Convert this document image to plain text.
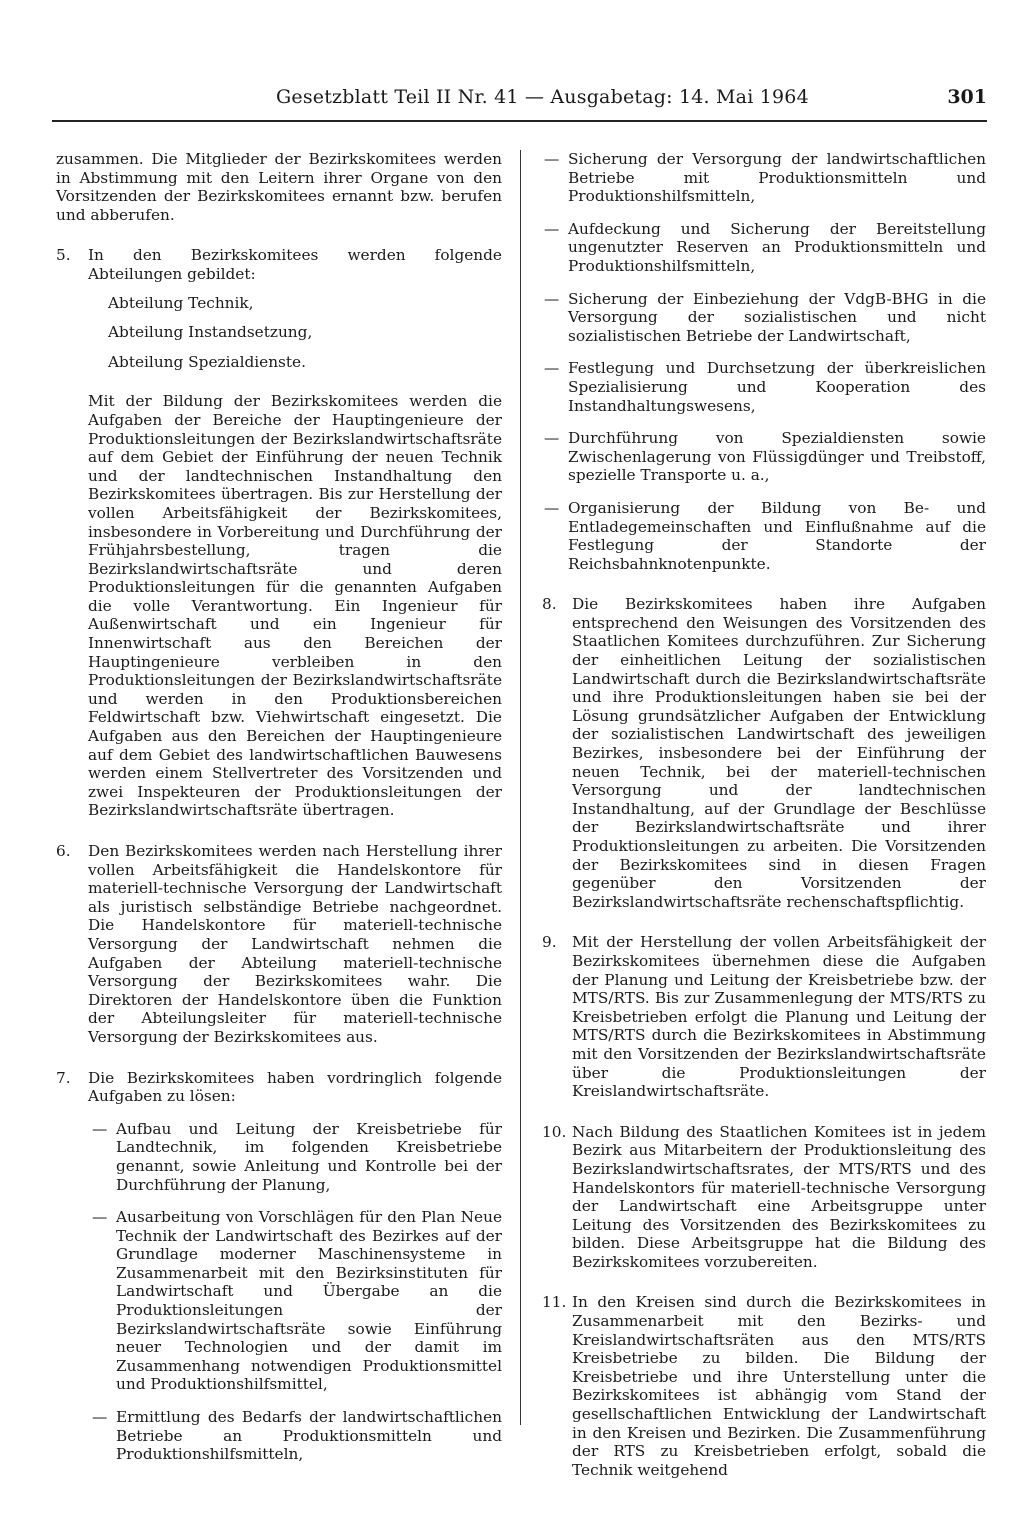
Gesetzblatt Teil II Nr. 41 — Ausgabetag: 14. Mai 1964	301

zusammen. Die Mitglieder der Bezirkskomitees werden in Abstimmung mit den Leitern ihrer Organe von den Vorsitzenden der Bezirkskomitees ernannt bzw. berufen und abberufen.

5. In den Bezirkskomitees werden folgende Abteilungen gebildet:

Abteilung Technik,

Abteilung Instandsetzung,

Abteilung Spezialdienste.

Mit der Bildung der Bezirkskomitees werden die Aufgaben der Bereiche der Hauptingenieure der Produktionsleitungen der Bezirkslandwirtschaftsräte auf dem Gebiet der Einführung der neuen Technik und der landtechnischen Instandhaltung den Bezirkskomitees übertragen. Bis zur Herstellung der vollen Arbeitsfähigkeit der Bezirkskomitees, insbesondere in Vorbereitung und Durchführung der Frühjahrsbestellung, tragen die Bezirkslandwirtschaftsräte und deren Produktionsleitungen für die genannten Aufgaben die volle Verantwortung. Ein Ingenieur für Außenwirtschaft und ein Ingenieur für Innenwirtschaft aus den Bereichen der Hauptingenieure verbleiben in den Produktionsleitungen der Bezirkslandwirtschaftsräte und werden in den Produktionsbereichen Feldwirtschaft bzw. Viehwirtschaft eingesetzt. Die Aufgaben aus den Bereichen der Hauptingenieure auf dem Gebiet des landwirtschaftlichen Bauwesens werden einem Stellvertreter des Vorsitzenden und zwei Inspekteuren der Produktionsleitungen der Bezirkslandwirtschaftsräte übertragen.

6. Den Bezirkskomitees werden nach Herstellung ihrer vollen Arbeitsfähigkeit die Handelskontore für materiell-technische Versorgung der Landwirtschaft als juristisch selbständige Betriebe nachgeordnet. Die Handelskontore für materiell-technische Versorgung der Landwirtschaft nehmen die Aufgaben der Abteilung materiell-technische Versorgung der Bezirkskomitees wahr. Die Direktoren der Handelskontore üben die Funktion der Abteilungsleiter für materiell-technische Versorgung der Bezirkskomitees aus.

7. Die Bezirkskomitees haben vordringlich folgende Aufgaben zu lösen:

— Aufbau und Leitung der Kreisbetriebe für Landtechnik, im folgenden Kreisbetriebe genannt, sowie Anleitung und Kontrolle bei der Durchführung der Planung,

— Ausarbeitung von Vorschlägen für den Plan Neue Technik der Landwirtschaft des Bezirkes auf der Grundlage moderner Maschinensysteme in Zusammenarbeit mit den Bezirksinstituten für Landwirtschaft und Übergabe an die Produktionsleitungen der Bezirkslandwirtschaftsräte sowie Einführung neuer Technologien und der damit im Zusammenhang notwendigen Produktionsmittel und Produktionshilfsmittel,

— Ermittlung des Bedarfs der landwirtschaftlichen Betriebe an Produktionsmitteln und Produktionshilfsmitteln,

— Sicherung der Versorgung der landwirtschaftlichen Betriebe mit Produktionsmitteln und Produktionshilfsmitteln,

— Aufdeckung und Sicherung der Bereitstellung ungenutzter Reserven an Produktionsmitteln und Produktionshilfsmitteln,

— Sicherung der Einbeziehung der VdgB-BHG in die Versorgung der sozialistischen und nicht sozialistischen Betriebe der Landwirtschaft,

— Festlegung und Durchsetzung der überkreislichen Spezialisierung und Kooperation des Instandhaltungswesens,

— Durchführung von Spezialdiensten sowie Zwischenlagerung von Flüssigdünger und Treibstoff, spezielle Transporte u. a.,

— Organisierung der Bildung von Be- und Entladegemeinschaften und Einflußnahme auf die Festlegung der Standorte der Reichsbahnknotenpunkte.

8. Die Bezirkskomitees haben ihre Aufgaben entsprechend den Weisungen des Vorsitzenden des Staatlichen Komitees durchzuführen. Zur Sicherung der einheitlichen Leitung der sozialistischen Landwirtschaft durch die Bezirkslandwirtschaftsräte und ihre Produktionsleitungen haben sie bei der Lösung grundsätzlicher Aufgaben der Entwicklung der sozialistischen Landwirtschaft des jeweiligen Bezirkes, insbesondere bei der Einführung der neuen Technik, bei der materiell-technischen Versorgung und der landtechnischen Instandhaltung, auf der Grundlage der Beschlüsse der Bezirkslandwirtschaftsräte und ihrer Produktionsleitungen zu arbeiten. Die Vorsitzenden der Bezirkskomitees sind in diesen Fragen gegenüber den Vorsitzenden der Bezirkslandwirtschaftsräte rechenschaftspflichtig.

9. Mit der Herstellung der vollen Arbeitsfähigkeit der Bezirkskomitees übernehmen diese die Aufgaben der Planung und Leitung der Kreisbetriebe bzw. der MTS/RTS. Bis zur Zusammenlegung der MTS/RTS zu Kreisbetrieben erfolgt die Planung und Leitung der MTS/RTS durch die Bezirkskomitees in Abstimmung mit den Vorsitzenden der Bezirkslandwirtschaftsräte über die Produktionsleitungen der Kreislandwirtschaftsräte.

10. Nach Bildung des Staatlichen Komitees ist in jedem Bezirk aus Mitarbeitern der Produktionsleitung des Bezirkslandwirtschaftsrates, der MTS/RTS und des Handelskontors für materiell-technische Versorgung der Landwirtschaft eine Arbeitsgruppe unter Leitung des Vorsitzenden des Bezirkskomitees zu bilden. Diese Arbeitsgruppe hat die Bildung des Bezirkskomitees vorzubereiten.

11. In den Kreisen sind durch die Bezirkskomitees in Zusammenarbeit mit den Bezirks- und Kreislandwirtschaftsräten aus den MTS/RTS Kreisbetriebe zu bilden. Die Bildung der Kreisbetriebe und ihre Unterstellung unter die Bezirkskomitees ist abhängig vom Stand der gesellschaftlichen Entwicklung der Landwirtschaft in den Kreisen und Bezirken. Die Zusammenführung der RTS zu Kreisbetrieben erfolgt, sobald die Technik weitgehend
